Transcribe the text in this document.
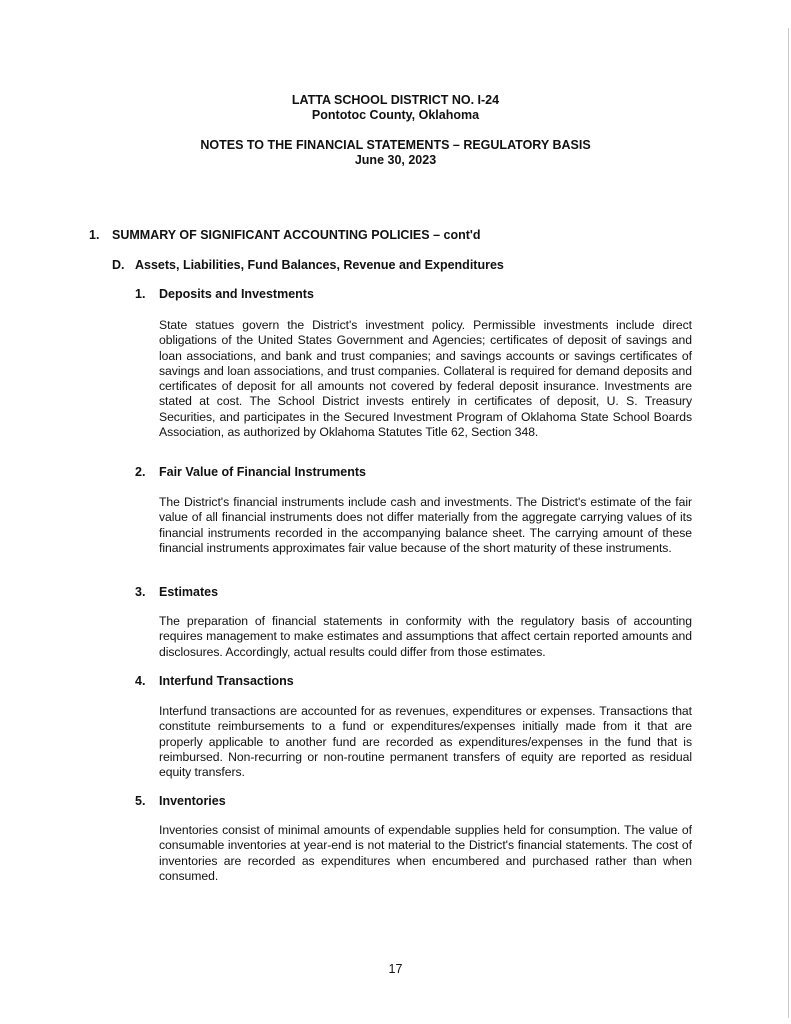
LATTA SCHOOL DISTRICT NO. I-24
Pontotoc County, Oklahoma
NOTES TO THE FINANCIAL STATEMENTS – REGULATORY BASIS
June 30, 2023
1. SUMMARY OF SIGNIFICANT ACCOUNTING POLICIES – cont'd
D. Assets, Liabilities, Fund Balances, Revenue and Expenditures
1. Deposits and Investments
State statues govern the District's investment policy. Permissible investments include direct obligations of the United States Government and Agencies; certificates of deposit of savings and loan associations, and bank and trust companies; and savings accounts or savings certificates of savings and loan associations, and trust companies. Collateral is required for demand deposits and certificates of deposit for all amounts not covered by federal deposit insurance. Investments are stated at cost. The School District invests entirely in certificates of deposit, U. S. Treasury Securities, and participates in the Secured Investment Program of Oklahoma State School Boards Association, as authorized by Oklahoma Statutes Title 62, Section 348.
2. Fair Value of Financial Instruments
The District's financial instruments include cash and investments. The District's estimate of the fair value of all financial instruments does not differ materially from the aggregate carrying values of its financial instruments recorded in the accompanying balance sheet. The carrying amount of these financial instruments approximates fair value because of the short maturity of these instruments.
3. Estimates
The preparation of financial statements in conformity with the regulatory basis of accounting requires management to make estimates and assumptions that affect certain reported amounts and disclosures. Accordingly, actual results could differ from those estimates.
4. Interfund Transactions
Interfund transactions are accounted for as revenues, expenditures or expenses. Transactions that constitute reimbursements to a fund or expenditures/expenses initially made from it that are properly applicable to another fund are recorded as expenditures/expenses in the fund that is reimbursed. Non-recurring or non-routine permanent transfers of equity are reported as residual equity transfers.
5. Inventories
Inventories consist of minimal amounts of expendable supplies held for consumption. The value of consumable inventories at year-end is not material to the District's financial statements. The cost of inventories are recorded as expenditures when encumbered and purchased rather than when consumed.
17
